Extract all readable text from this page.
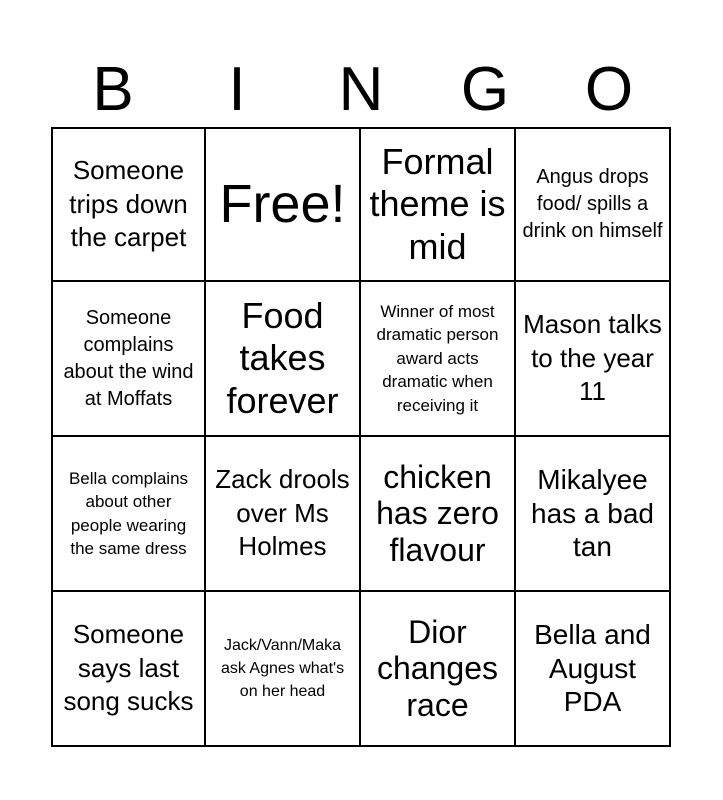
B	I	N	G	O
Someone trips down the carpet
Free!
Formal theme is mid
Angus drops food/ spills a drink on himself
Someone complains about the wind at Moffats
Food takes forever
Winner of most dramatic person award acts dramatic when receiving it
Mason talks to the year 11
Bella complains about other people wearing the same dress
Zack drools over Ms Holmes
chicken has zero flavour
Mikalyee has a bad tan
Someone says last song sucks
Jack/Vann/Maka ask Agnes what's on her head
Dior changes race
Bella and August PDA
